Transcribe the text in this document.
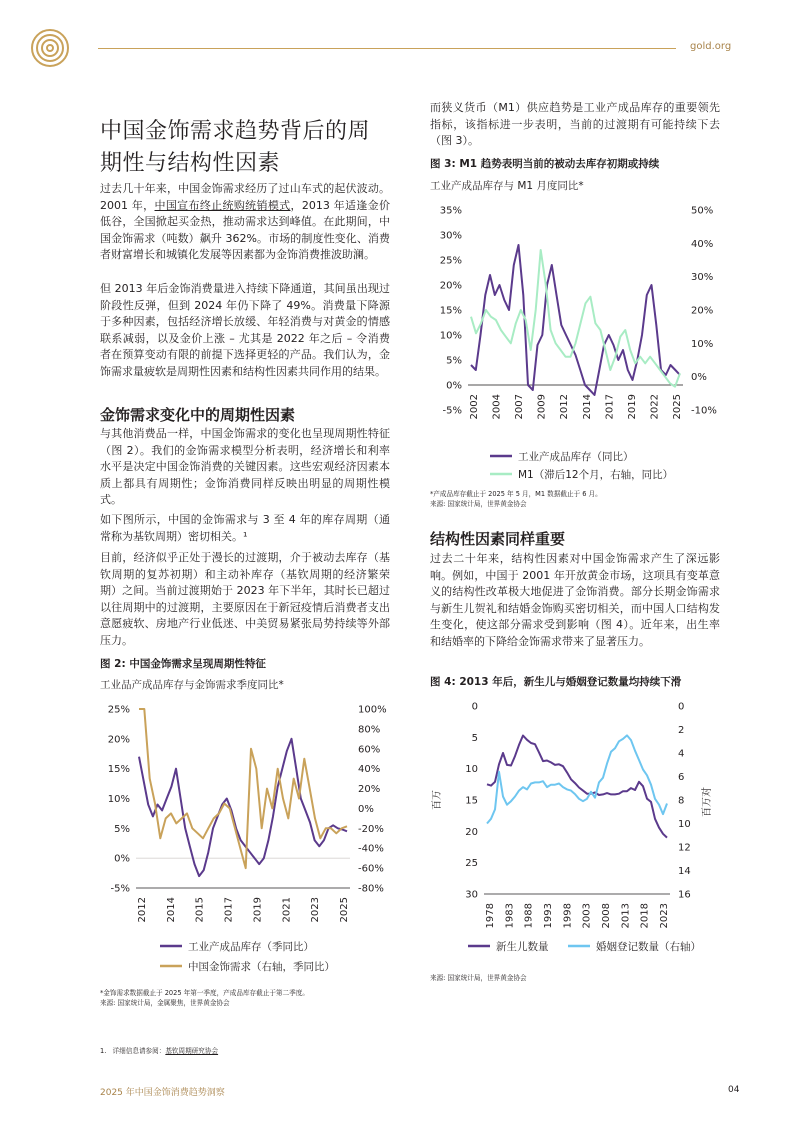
gold.org
中国金饰需求趋势背后的周期性与结构性因素

过去几十年来，中国金饰需求经历了过山车式的起伏波动。2001 年，中国宣布终止统购统销模式，2013 年适逢金价低谷，全国掀起买金热，推动需求达到峰值。在此期间，中国金饰需求（吨数）飙升 362%。市场的制度性变化、消费者财富增长和城镇化发展等因素都为金饰消费推波助澜。

但 2013 年后金饰消费量进入持续下降通道，其间虽出现过阶段性反弹，但到 2024 年仍下降了 49%。消费量下降源于多种因素，包括经济增长放缓、年轻消费与对黄金的情感联系减弱，以及金价上涨 – 尤其是 2022 年之后 – 令消费者在预算变动有限的前提下选择更轻的产品。我们认为，金饰需求量疲软是周期性因素和结构性因素共同作用的结果。

金饰需求变化中的周期性因素

与其他消费品一样，中国金饰需求的变化也呈现周期性特征（图 2）。我们的金饰需求模型分析表明，经济增长和利率水平是决定中国金饰消费的关键因素。这些宏观经济因素本质上都具有周期性；金饰消费同样反映出明显的周期性模式。

如下图所示，中国的金饰需求与 3 至 4 年的库存周期（通常称为基钦周期）密切相关。¹

目前，经济似乎正处于漫长的过渡期，介于被动去库存（基钦周期的复苏初期）和主动补库存（基钦周期的经济繁荣期）之间。当前过渡期始于 2023 年下半年，其时长已超过以往周期中的过渡期，主要原因在于新冠疫情后消费者支出意愿疲软、房地产行业低迷、中美贸易紧张局势持续等外部压力。

图 2: 中国金饰需求呈现周期性特征
工业品产成品库存与金饰需求季度同比*
25%
20%
15%
10%
5%
0%
-5%
100%
80%
60%
40%
20%
0%
-20%
-40%
-60%
-80%
2012 2014 2015 2017 2019 2021 2023 2025
工业产成品库存（季同比）
中国金饰需求（右轴，季同比）
*金饰需求数据截止于 2025 年第一季度，产成品库存截止于第二季度。
来源: 国家统计局，金属聚焦，世界黄金协会
1. 详细信息请参阅：基钦周期研究协会

而狭义货币（M1）供应趋势是工业产成品库存的重要领先指标，该指标进一步表明，当前的过渡期有可能持续下去（图 3）。

图 3: M1 趋势表明当前的被动去库存初期或持续
工业产成品库存与 M1 月度同比*
35%
30%
25%
20%
15%
10%
5%
0%
-5%
50%
40%
30%
20%
10%
0%
-10%
2002 2004 2007 2009 2012 2014 2017 2019 2022 2025
工业产成品库存（同比）
M1（滞后12个月，右轴，同比）
*产成品库存截止于 2025 年 5 月，M1 数据截止于 6 月。
来源: 国家统计局，世界黄金协会
结构性因素同样重要

过去二十年来，结构性因素对中国金饰需求产生了深远影响。例如，中国于 2001 年开放黄金市场，这项具有变革意义的结构性改革极大地促进了金饰消费。部分长期金饰需求与新生儿贺礼和结婚金饰购买密切相关，而中国人口结构发生变化，使这部分需求受到影响（图 4）。近年来，出生率和结婚率的下降给金饰需求带来了显著压力。

图 4: 2013 年后，新生儿与婚姻登记数量均持续下滑
0
5
10
15
20
25
30
0
2
4
6
8
10
12
14
16
1978 1983 1988 1993 1998 2003 2008 2013 2018 2023
新生儿数量	婚姻登记数量（右轴）
百万	百万对
来源: 国家统计局，世界黄金协会
2025 年中国金饰消费趋势洞察	04
